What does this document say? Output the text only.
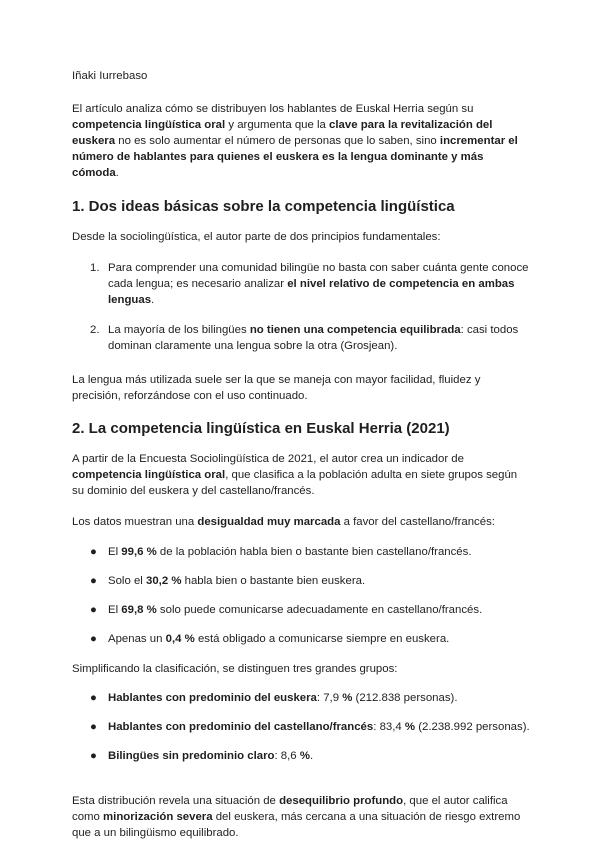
Iñaki Iurrebaso

El artículo analiza cómo se distribuyen los hablantes de Euskal Herria según su competencia lingüística oral y argumenta que la clave para la revitalización del euskera no es solo aumentar el número de personas que lo saben, sino incrementar el número de hablantes para quienes el euskera es la lengua dominante y más cómoda.

1. Dos ideas básicas sobre la competencia lingüística

Desde la sociolingüística, el autor parte de dos principios fundamentales:

1. Para comprender una comunidad bilingüe no basta con saber cuánta gente conoce cada lengua; es necesario analizar el nivel relativo de competencia en ambas lenguas.
2. La mayoría de los bilingües no tienen una competencia equilibrada: casi todos dominan claramente una lengua sobre la otra (Grosjean).

La lengua más utilizada suele ser la que se maneja con mayor facilidad, fluidez y precisión, reforzándose con el uso continuado.

2. La competencia lingüística en Euskal Herria (2021)

A partir de la Encuesta Sociolingüística de 2021, el autor crea un indicador de competencia lingüística oral, que clasifica a la población adulta en siete grupos según su dominio del euskera y del castellano/francés.

Los datos muestran una desigualdad muy marcada a favor del castellano/francés:

● El 99,6 % de la población habla bien o bastante bien castellano/francés.
● Solo el 30,2 % habla bien o bastante bien euskera.
● El 69,8 % solo puede comunicarse adecuadamente en castellano/francés.
● Apenas un 0,4 % está obligado a comunicarse siempre en euskera.

Simplificando la clasificación, se distinguen tres grandes grupos:

● Hablantes con predominio del euskera: 7,9 % (212.838 personas).
● Hablantes con predominio del castellano/francés: 83,4 % (2.238.992 personas).
● Bilingües sin predominio claro: 8,6 %.

Esta distribución revela una situación de desequilibrio profundo, que el autor califica como minorización severa del euskera, más cercana a una situación de riesgo extremo que a un bilingüismo equilibrado.
